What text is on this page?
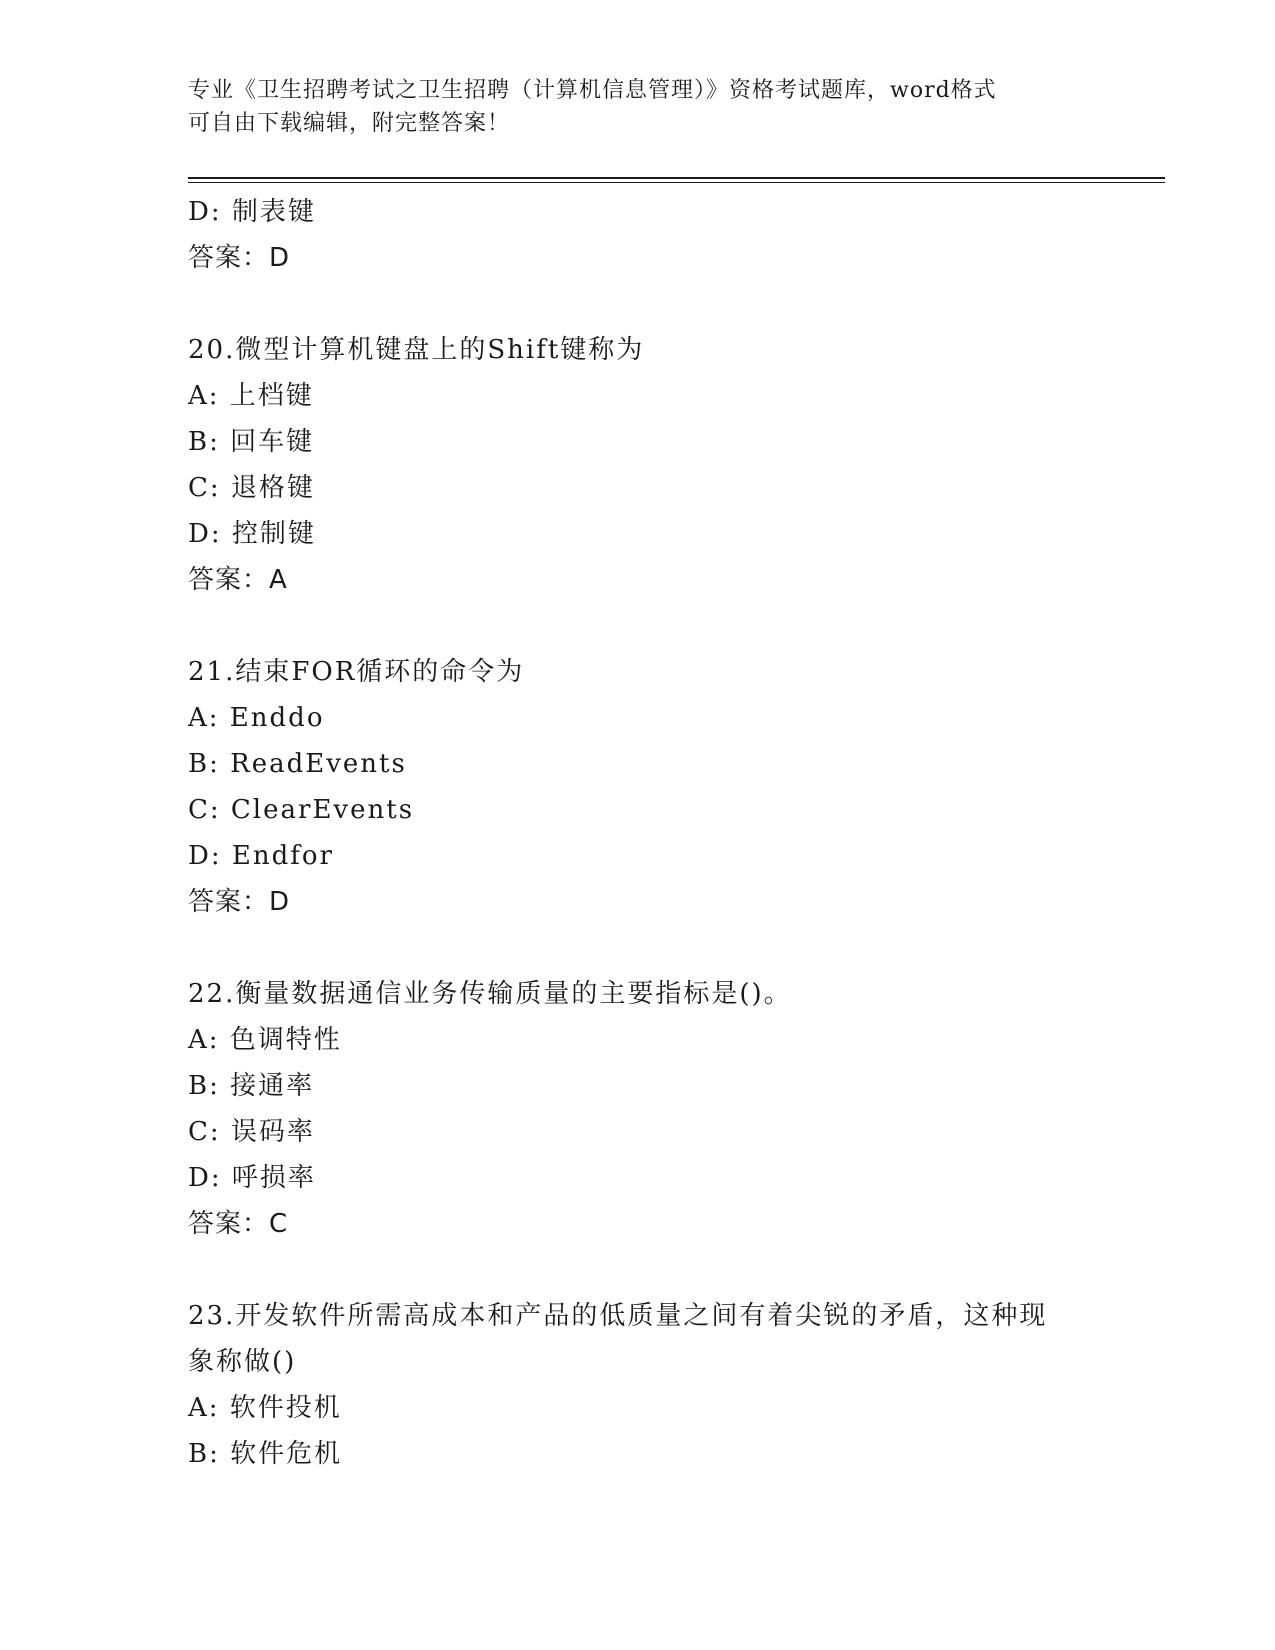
专业《卫生招聘考试之卫生招聘（计算机信息管理）》资格考试题库，word格式
可自由下载编辑，附完整答案！
D: 制表键
答案：D
20.微型计算机键盘上的Shift键称为
A: 上档键
B: 回车键
C: 退格键
D: 控制键
答案：A
21.结束FOR循环的命令为
A: Enddo
B: ReadEvents
C: ClearEvents
D: Endfor
答案：D
22.衡量数据通信业务传输质量的主要指标是()。
A: 色调特性
B: 接通率
C: 误码率
D: 呼损率
答案：C
23.开发软件所需高成本和产品的低质量之间有着尖锐的矛盾，这种现
象称做()
A: 软件投机
B: 软件危机
